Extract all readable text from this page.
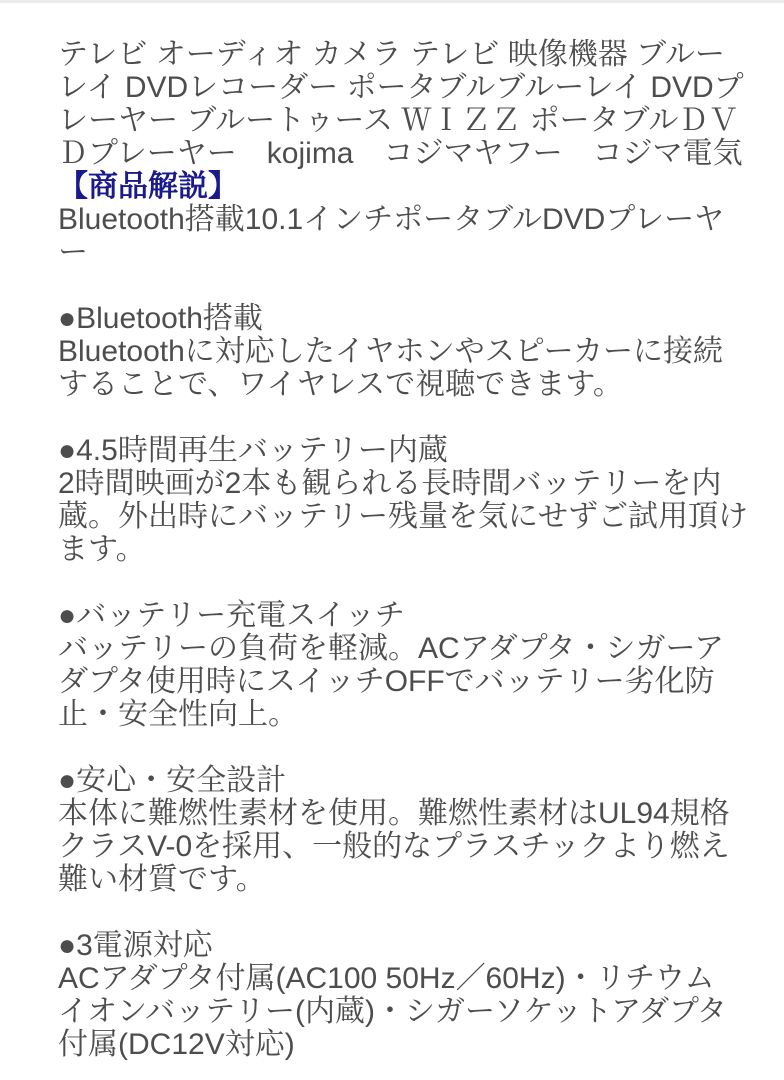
テレビ オーディオ カメラ テレビ 映像機器 ブルー
レイ DVDレコーダー ポータブルブルーレイ DVDプ
レーヤー ブルートゥース ＷＩＺＺ ポータブルＤＶ
Ｄプレーヤー　kojima　コジマヤフー　コジマ電気
【商品解説】
Bluetooth搭載10.1インチポータブルDVDプレーヤ
ー
●Bluetooth搭載
Bluetoothに対応したイヤホンやスピーカーに接続
することで、ワイヤレスで視聴できます。
●4.5時間再生バッテリー内蔵
2時間映画が2本も観られる長時間バッテリーを内
蔵。外出時にバッテリー残量を気にせずご試用頂け
ます。
●バッテリー充電スイッチ
バッテリーの負荷を軽減。ACアダプタ・シガーア
ダプタ使用時にスイッチOFFでバッテリー劣化防
止・安全性向上。
●安心・安全設計
本体に難燃性素材を使用。難燃性素材はUL94規格
クラスV-0を採用、一般的なプラスチックより燃え
難い材質です。
●3電源対応
ACアダプタ付属(AC100 50Hz／60Hz)・リチウム
イオンバッテリー(内蔵)・シガーソケットアダプタ
付属(DC12V対応)
